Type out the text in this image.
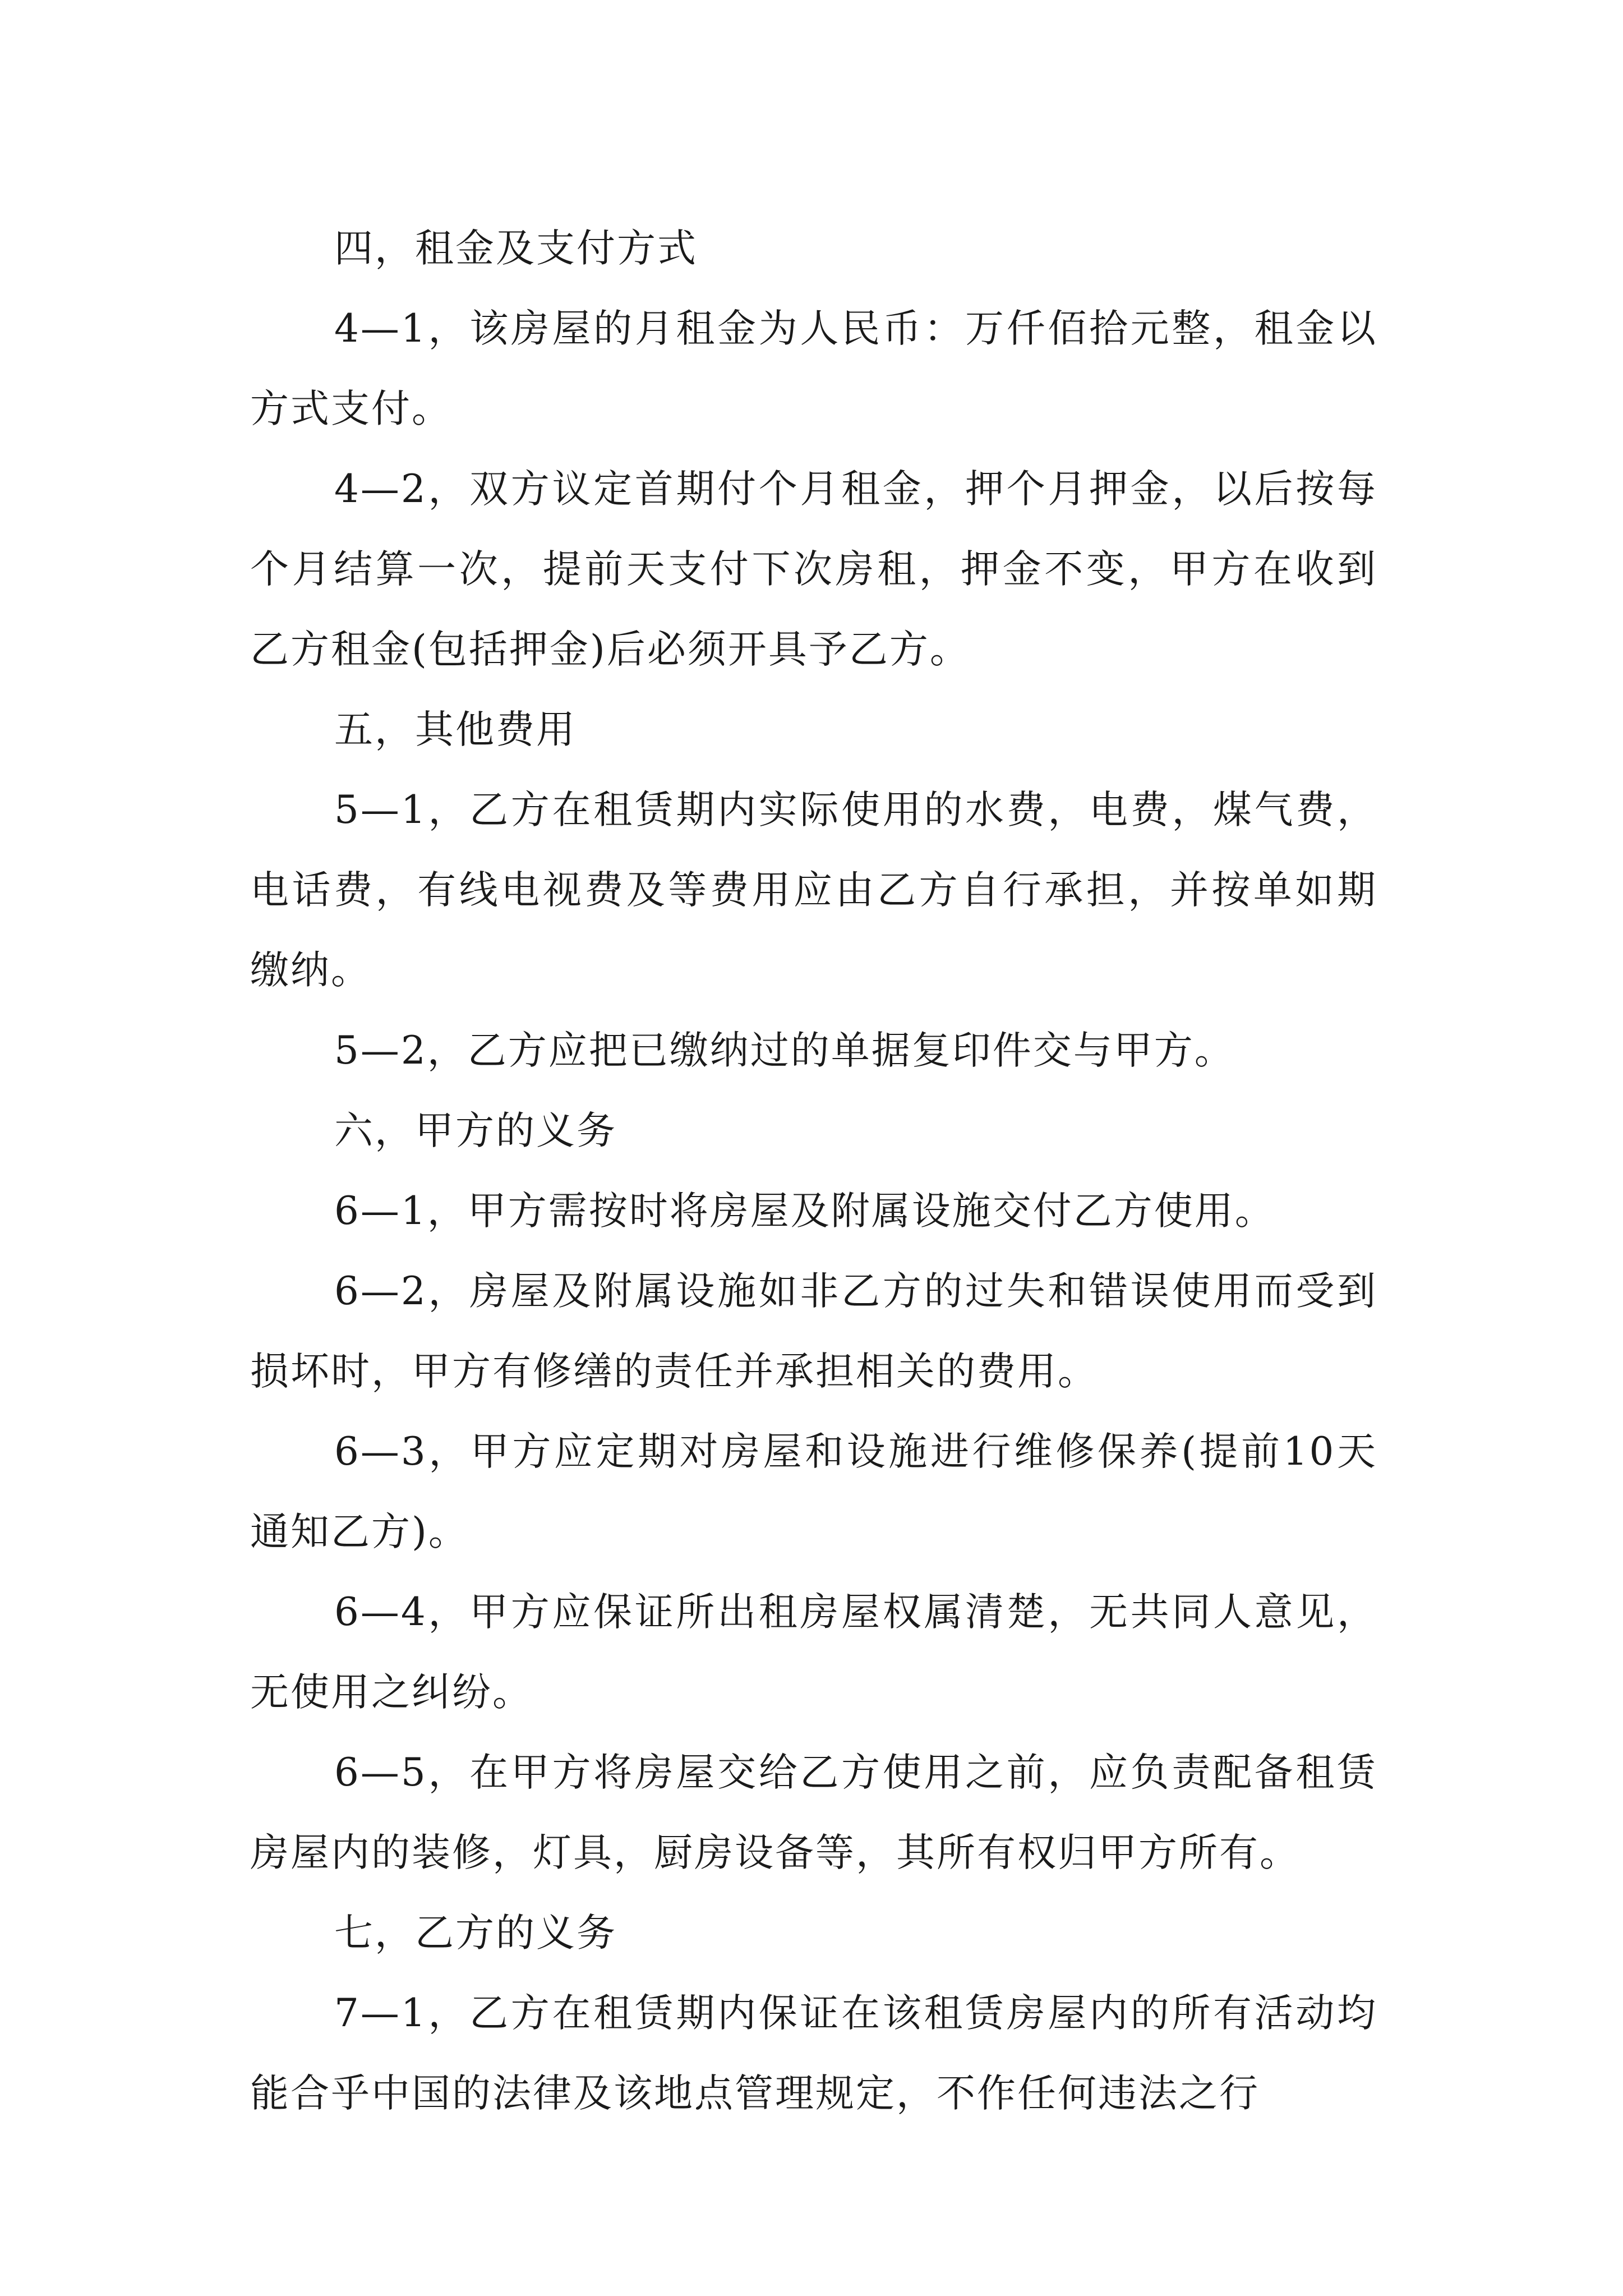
四，租金及支付方式

4—1，该房屋的月租金为人民币：万仟佰拾元整，租金以方式支付。

4—2，双方议定首期付个月租金，押个月押金，以后按每个月结算一次，提前天支付下次房租，押金不变，甲方在收到乙方租金(包括押金)后必须开具予乙方。

五，其他费用

5—1，乙方在租赁期内实际使用的水费，电费，煤气费，电话费，有线电视费及等费用应由乙方自行承担，并按单如期缴纳。

5—2，乙方应把已缴纳过的单据复印件交与甲方。

六，甲方的义务

6—1，甲方需按时将房屋及附属设施交付乙方使用。

6—2，房屋及附属设施如非乙方的过失和错误使用而受到损坏时，甲方有修缮的责任并承担相关的费用。

6—3，甲方应定期对房屋和设施进行维修保养(提前10天通知乙方)。

6—4，甲方应保证所出租房屋权属清楚，无共同人意见，无使用之纠纷。

6—5，在甲方将房屋交给乙方使用之前，应负责配备租赁房屋内的装修，灯具，厨房设备等，其所有权归甲方所有。

七，乙方的义务

7—1，乙方在租赁期内保证在该租赁房屋内的所有活动均能合乎中国的法律及该地点管理规定，不作任何违法之行
